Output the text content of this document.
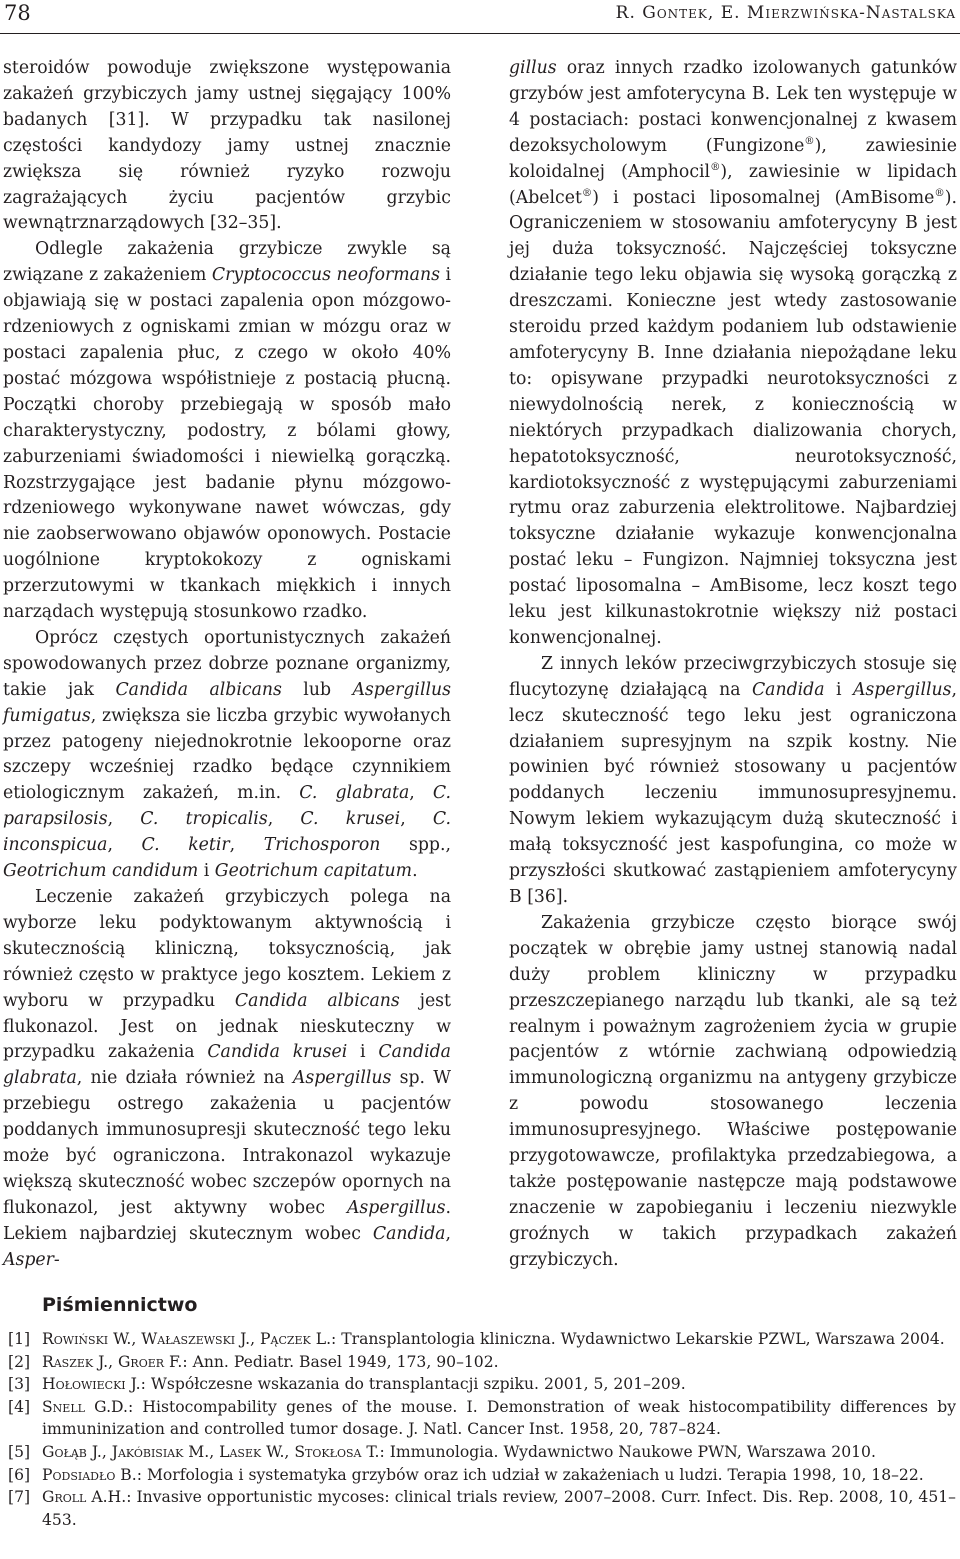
78	R. Gontek, E. Mierzwińska-Nastalska

steroidów powoduje zwiększone występowania zakażeń grzybiczych jamy ustnej sięgający 100% badanych [31]. W przypadku tak nasilonej częstości kandydozy jamy ustnej znacznie zwiększa się również ryzyko rozwoju zagrażających życiu pacjentów grzybic wewnątrznarządowych [32–35].

Odlegle zakażenia grzybicze zwykle są związane z zakażeniem Cryptococcus neoformans i objawiają się w postaci zapalenia opon mózgowo-rdzeniowych z ogniskami zmian w mózgu oraz w postaci zapalenia płuc, z czego w około 40% postać mózgowa współistnieje z postacią płucną. Początki choroby przebiegają w sposób mało charakterystyczny, podostry, z bólami głowy, zaburzeniami świadomości i niewielką gorączką. Rozstrzygające jest badanie płynu mózgowo-rdzeniowego wykonywane nawet wówczas, gdy nie zaobserwowano objawów oponowych. Postacie uogólnione kryptokokozy z ogniskami przerzutowymi w tkankach miękkich i innych narządach występują stosunkowo rzadko.

Oprócz częstych oportunistycznych zakażeń spowodowanych przez dobrze poznane organizmy, takie jak Candida albicans lub Aspergillus fumigatus, zwiększa sie liczba grzybic wywołanych przez patogeny niejednokrotnie lekooporne oraz szczepy wcześniej rzadko będące czynnikiem etiologicznym zakażeń, m.in. C. glabrata, C. parapsilosis, C. tropicalis, C. krusei, C. inconspicua, C. ketir, Trichosporon spp., Geotrichum candidum i Geotrichum capitatum.

Leczenie zakażeń grzybiczych polega na wyborze leku podyktowanym aktywnością i skutecznością kliniczną, toksycznością, jak również często w praktyce jego kosztem. Lekiem z wyboru w przypadku Candida albicans jest flukonazol. Jest on jednak nieskuteczny w przypadku zakażenia Candida krusei i Candida glabrata, nie działa również na Aspergillus sp. W przebiegu ostrego zakażenia u pacjentów poddanych immunosupresji skuteczność tego leku może być ograniczona. Intrakonazol wykazuje większą skuteczność wobec szczepów opornych na flukonazol, jest aktywny wobec Aspergillus. Lekiem najbardziej skutecznym wobec Candida, Asper-

gillus oraz innych rzadko izolowanych gatunków grzybów jest amfoterycyna B. Lek ten występuje w 4 postaciach: postaci konwencjonalnej z kwasem dezoksycholowym (Fungizone®), zawiesinie koloidalnej (Amphocil®), zawiesinie w lipidach (Abelcet®) i postaci liposomalnej (AmBisome®). Ograniczeniem w stosowaniu amfoterycyny B jest jej duża toksyczność. Najczęściej toksyczne działanie tego leku objawia się wysoką gorączką z dreszczami. Konieczne jest wtedy zastosowanie steroidu przed każdym podaniem lub odstawienie amfoterycyny B. Inne działania niepożądane leku to: opisywane przypadki neurotoksyczności z niewydolnością nerek, z koniecznością w niektórych przypadkach dializowania chorych, hepatotoksyczność, neurotoksyczność, kardiotoksyczność z występującymi zaburzeniami rytmu oraz zaburzenia elektrolitowe. Najbardziej toksyczne działanie wykazuje konwencjonalna postać leku – Fungizon. Najmniej toksyczna jest postać liposomalna – AmBisome, lecz koszt tego leku jest kilkunastokrotnie większy niż postaci konwencjonalnej.

Z innych leków przeciwgrzybiczych stosuje się flucytozynę działającą na Candida i Aspergillus, lecz skuteczność tego leku jest ograniczona działaniem supresyjnym na szpik kostny. Nie powinien być również stosowany u pacjentów poddanych leczeniu immunosupresyjnemu. Nowym lekiem wykazującym dużą skuteczność i małą toksyczność jest kaspofungina, co może w przyszłości skutkować zastąpieniem amfoterycyny B [36].

Zakażenia grzybicze często biorące swój początek w obrębie jamy ustnej stanowią nadal duży problem kliniczny w przypadku przeszczepianego narządu lub tkanki, ale są też realnym i poważnym zagrożeniem życia w grupie pacjentów z wtórnie zachwianą odpowiedzią immunologiczną organizmu na antygeny grzybicze z powodu stosowanego leczenia immunosupresyjnego. Właściwe postępowanie przygotowawcze, profilaktyka przedzabiegowa, a także postępowanie następcze mają podstawowe znaczenie w zapobieganiu i leczeniu niezwykle groźnych w takich przypadkach zakażeń grzybiczych.

Piśmiennictwo
[1] Rowiński W., Wałaszewski J., Pączek L.: Transplantologia kliniczna. Wydawnictwo Lekarskie PZWL, Warszawa 2004.
[2] Raszek J., Groer F.: Ann. Pediatr. Basel 1949, 173, 90–102.
[3] Hołowiecki J.: Współczesne wskazania do transplantacji szpiku. 2001, 5, 201–209.
[4] Snell G.D.: Histocompability genes of the mouse. I. Demonstration of weak histocompatibility differences by immuninization and controlled tumor dosage. J. Natl. Cancer Inst. 1958, 20, 787–824.
[5] Gołąb J., Jakóbisiak M., Lasek W., Stokłosa T.: Immunologia. Wydawnictwo Naukowe PWN, Warszawa 2010.
[6] Podsiadło B.: Morfologia i systematyka grzybów oraz ich udział w zakażeniach u ludzi. Terapia 1998, 10, 18–22.
[7] Groll A.H.: Invasive opportunistic mycoses: clinical trials review, 2007–2008. Curr. Infect. Dis. Rep. 2008, 10, 451–453.
